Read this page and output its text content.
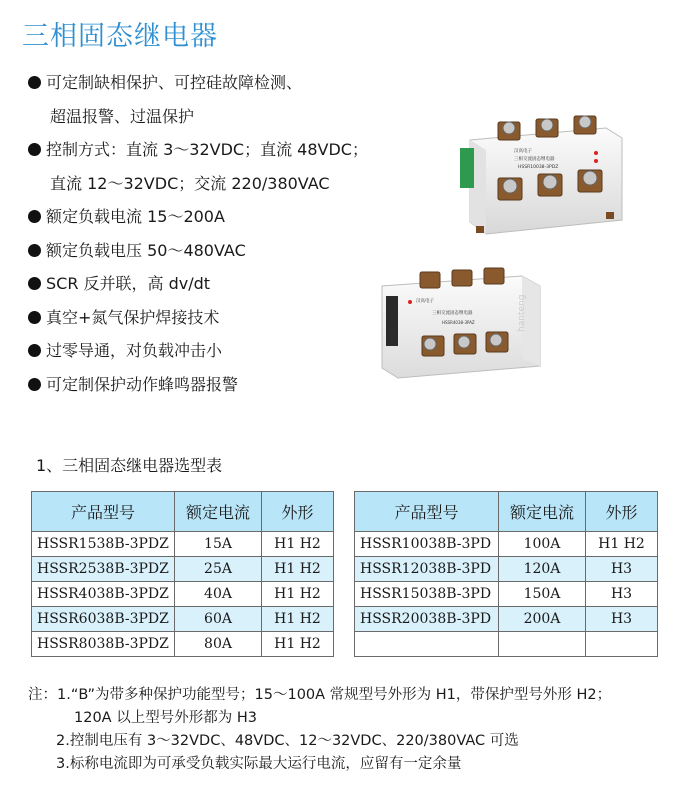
三相固态继电器
可定制缺相保护、可控硅故障检测、
超温报警、过温保护
控制方式：直流 3～32VDC；直流 48VDC；
直流 12～32VDC；交流 220/380VAC
额定负载电流 15～200A
额定负载电压 50～480VAC
SCR 反并联，高 dv/dt
真空+氮气保护焊接技术
过零导通，对负载冲击小
可定制保护动作蜂鸣器报警
汉高电子
三相交流固态继电器
HSSR10038-3PDZ
汉高电子
三相交流固态继电器
HSSR4038-3PAZ	hanteng
1、三相固态继电器选型表
产品型号	额定电流	外形
HSSR1538B-3PDZ	15A	H1 H2
HSSR2538B-3PDZ	25A	H1 H2
HSSR4038B-3PDZ	40A	H1 H2
HSSR6038B-3PDZ	60A	H1 H2
HSSR8038B-3PDZ	80A	H1 H2
产品型号	额定电流	外形
HSSR10038B-3PD	100A	H1 H2
HSSR12038B-3PD	120A	H3
HSSR15038B-3PD	150A	H3
HSSR20038B-3PD	200A	H3

注：1.“B”为带多种保护功能型号；15～100A 常规型号外形为 H1，带保护型号外形 H2；
120A 以上型号外形都为 H3
2.控制电压有 3～32VDC、48VDC、12～32VDC、220/380VAC 可选
3.标称电流即为可承受负载实际最大运行电流，应留有一定余量
